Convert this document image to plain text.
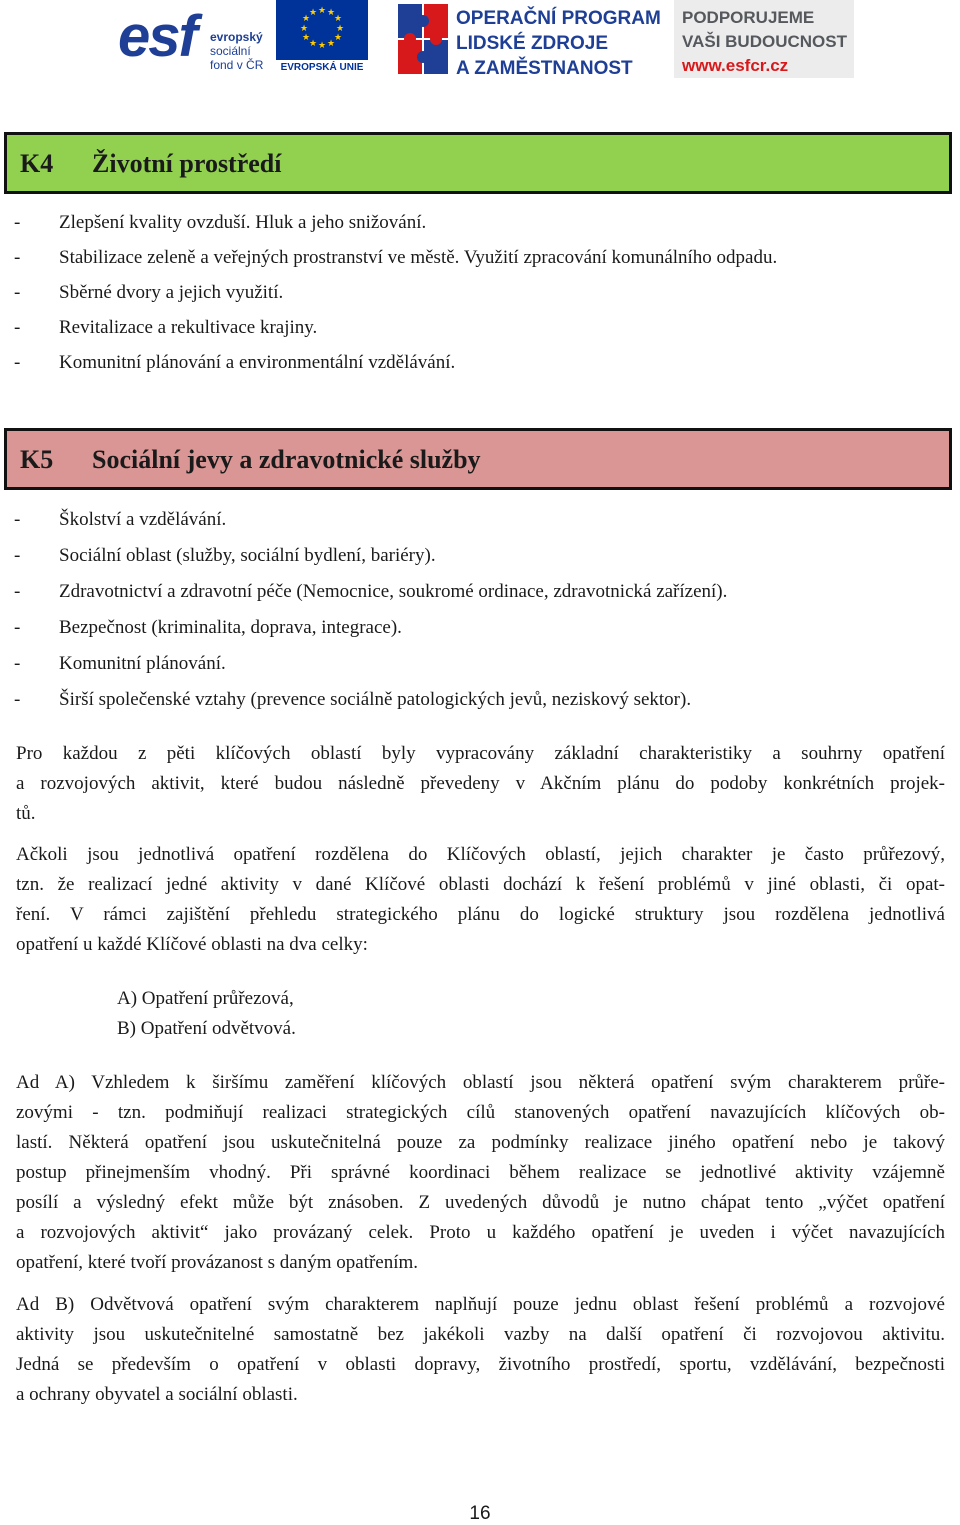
esf evropský
sociální
fond v ČR
★ ★
★
★
★
★
★
★
★
★
★
★
EVROPSKÁ UNIE
OPERAČNÍ PROGRAM
LIDSKÉ ZDROJE
A ZAMĚSTNANOST
PODPORUJEME
VAŠI BUDOUCNOST
www.esfcr.cz
K4 Životní prostředí
- Zlepšení kvality ovzduší. Hluk a jeho snižování.
- Stabilizace zeleně a veřejných prostranství ve městě. Využití zpracování komunálního odpadu.
- Sběrné dvory a jejich využití.
- Revitalizace a rekultivace krajiny.
- Komunitní plánování a environmentální vzdělávání.
K5 Sociální jevy a zdravotnické služby
- Školství a vzdělávání.
- Sociální oblast (služby, sociální bydlení, bariéry).
- Zdravotnictví a zdravotní péče (Nemocnice, soukromé ordinace, zdravotnická zařízení).
- Bezpečnost (kriminalita, doprava, integrace).
- Komunitní plánování.
- Širší společenské vztahy (prevence sociálně patologických jevů, neziskový sektor).
Pro každou z pěti klíčových oblastí byly vypracovány základní charakteristiky a souhrny opatření
a rozvojových aktivit, které budou následně převedeny v Akčním plánu do podoby konkrétních projek-
tů.
Ačkoli jsou jednotlivá opatření rozdělena do Klíčových oblastí, jejich charakter je často průřezový,
tzn. že realizací jedné aktivity v dané Klíčové oblasti dochází k řešení problémů v jiné oblasti, či opat-
ření. V rámci zajištění přehledu strategického plánu do logické struktury jsou rozdělena jednotlivá
opatření u každé Klíčové oblasti na dva celky:
A) Opatření průřezová,
B) Opatření odvětvová.
Ad A) Vzhledem k širšímu zaměření klíčových oblastí jsou některá opatření svým charakterem průře-
zovými - tzn. podmiňují realizaci strategických cílů stanovených opatření navazujících klíčových ob-
lastí. Některá opatření jsou uskutečnitelná pouze za podmínky realizace jiného opatření nebo je takový
postup přinejmenším vhodný. Při správné koordinaci během realizace se jednotlivé aktivity vzájemně
posílí a výsledný efekt může být znásoben. Z uvedených důvodů je nutno chápat tento „výčet opatření
a rozvojových aktivit“ jako provázaný celek. Proto u každého opatření je uveden i výčet navazujících
opatření, které tvoří provázanost s daným opatřením.
Ad B) Odvětvová opatření svým charakterem naplňují pouze jednu oblast řešení problémů a rozvojové
aktivity jsou uskutečnitelné samostatně bez jakékoli vazby na další opatření či rozvojovou aktivitu.
Jedná se především o opatření v oblasti dopravy, životního prostředí, sportu, vzdělávání, bezpečnosti
a ochrany obyvatel a sociální oblasti.
16
